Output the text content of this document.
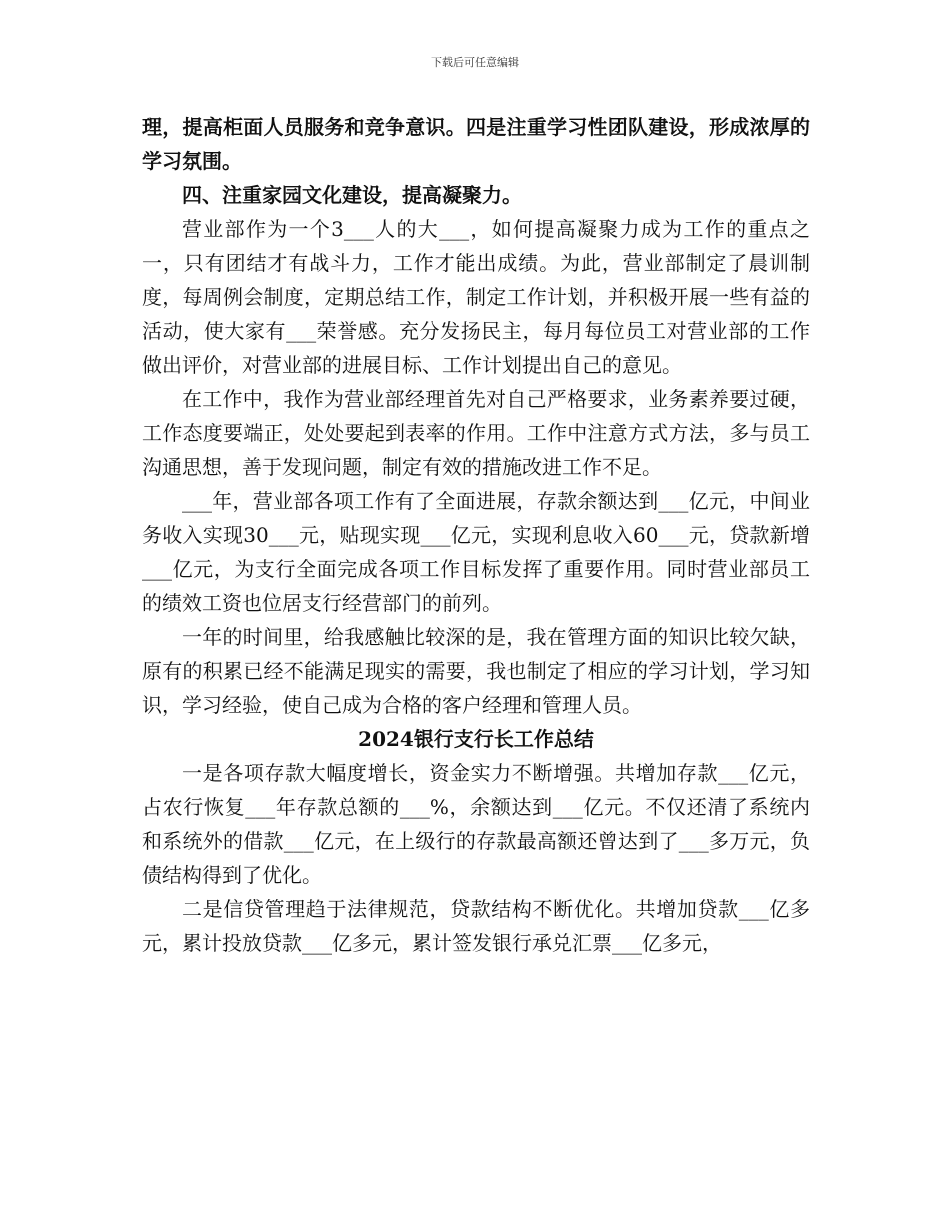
下载后可任意编辑

理，提高柜面人员服务和竞争意识。四是注重学习性团队建设，形成浓厚的学习氛围。

四、注重家园文化建设，提高凝聚力。

营业部作为一个3___人的大___，如何提高凝聚力成为工作的重点之一，只有团结才有战斗力，工作才能出成绩。为此，营业部制定了晨训制度，每周例会制度，定期总结工作，制定工作计划，并积极开展一些有益的活动，使大家有___荣誉感。充分发扬民主，每月每位员工对营业部的工作做出评价，对营业部的进展目标、工作计划提出自己的意见。

在工作中，我作为营业部经理首先对自己严格要求，业务素养要过硬，工作态度要端正，处处要起到表率的作用。工作中注意方式方法，多与员工沟通思想，善于发现问题，制定有效的措施改进工作不足。

___年，营业部各项工作有了全面进展，存款余额达到___亿元，中间业务收入实现30___元，贴现实现___亿元，实现利息收入60___元，贷款新增___亿元，为支行全面完成各项工作目标发挥了重要作用。同时营业部员工的绩效工资也位居支行经营部门的前列。

一年的时间里，给我感触比较深的是，我在管理方面的知识比较欠缺，原有的积累已经不能满足现实的需要，我也制定了相应的学习计划，学习知识，学习经验，使自己成为合格的客户经理和管理人员。

2024银行支行长工作总结

一是各项存款大幅度增长，资金实力不断增强。共增加存款___亿元，占农行恢复___年存款总额的___%，余额达到___亿元。不仅还清了系统内和系统外的借款___亿元，在上级行的存款最高额还曾达到了___多万元，负债结构得到了优化。

二是信贷管理趋于法律规范，贷款结构不断优化。共增加贷款___亿多元，累计投放贷款___亿多元，累计签发银行承兑汇票___亿多元，
